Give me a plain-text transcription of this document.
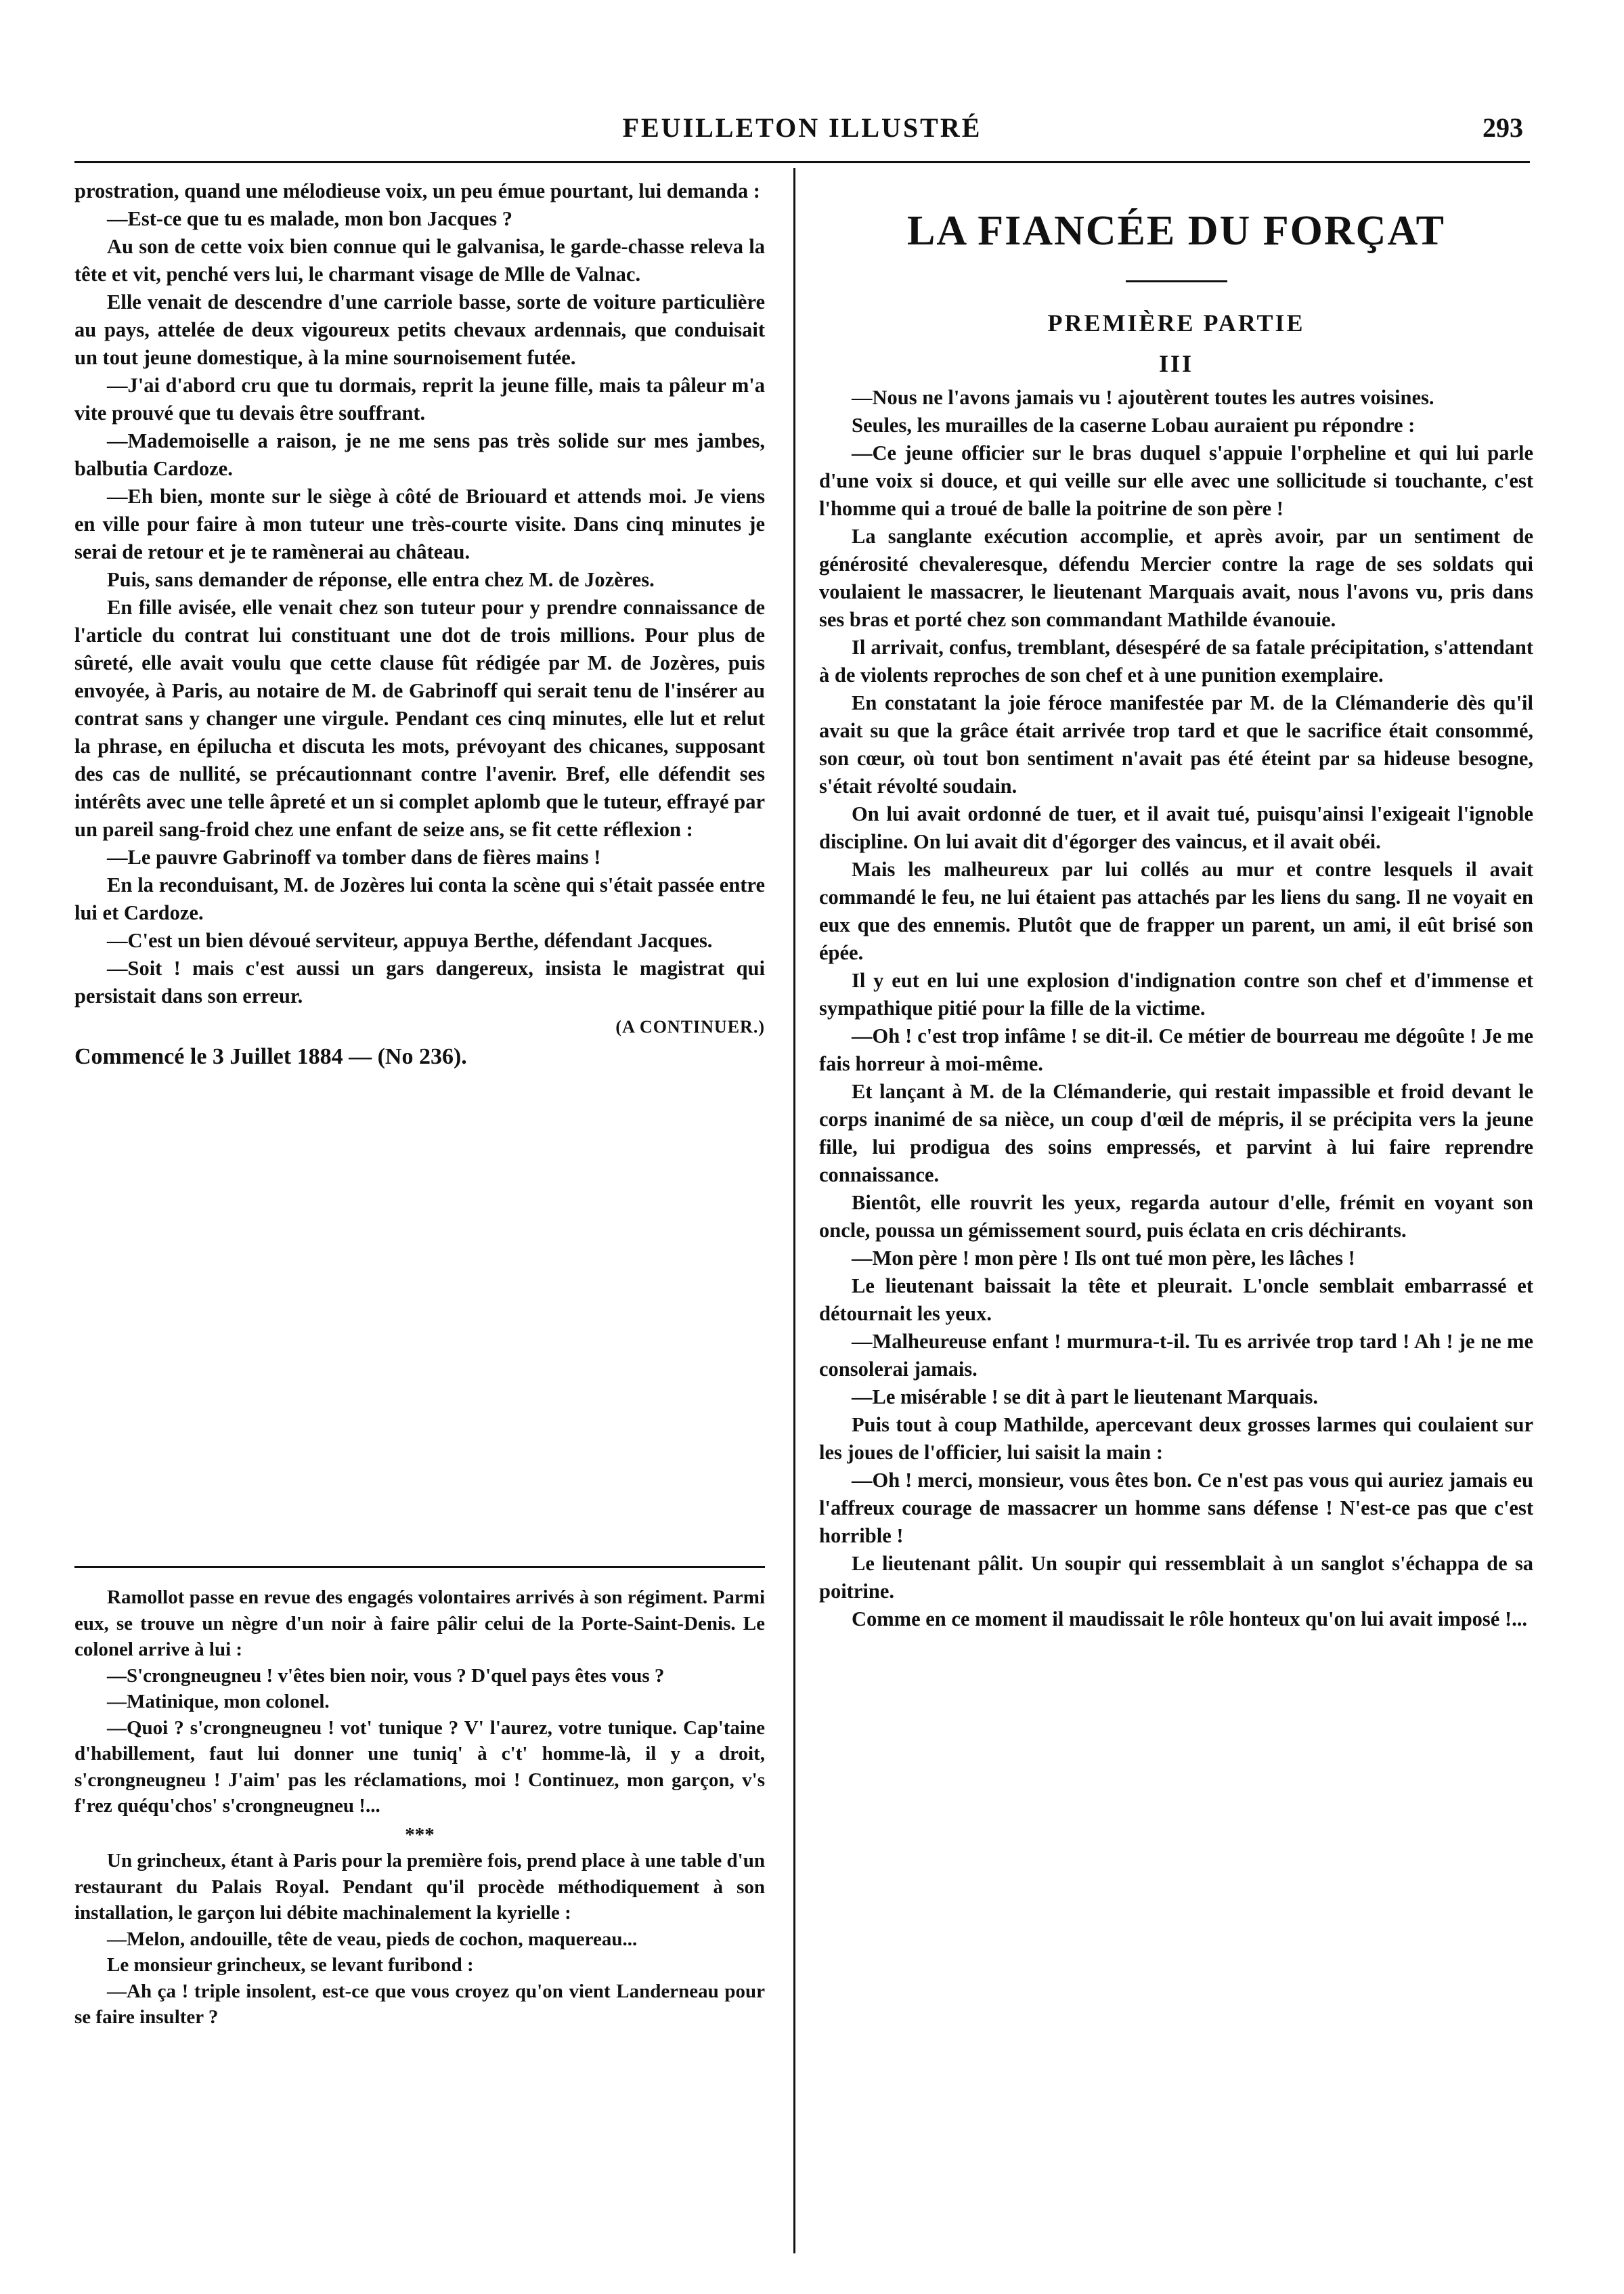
FEUILLETON ILLUSTRÉ	293

prostration, quand une mélodieuse voix, un peu émue pourtant, lui demanda :

—Est-ce que tu es malade, mon bon Jacques ?

Au son de cette voix bien connue qui le galvanisa, le garde-chasse releva la tête et vit, penché vers lui, le charmant visage de Mlle de Valnac.

Elle venait de descendre d'une carriole basse, sorte de voiture particulière au pays, attelée de deux vigoureux petits chevaux ardennais, que conduisait un tout jeune domestique, à la mine sournoisement futée.

—J'ai d'abord cru que tu dormais, reprit la jeune fille, mais ta pâleur m'a vite prouvé que tu devais être souffrant.

—Mademoiselle a raison, je ne me sens pas très solide sur mes jambes, balbutia Cardoze.

—Eh bien, monte sur le siège à côté de Briouard et attends moi. Je viens en ville pour faire à mon tuteur une très-courte visite. Dans cinq minutes je serai de retour et je te ramènerai au château.

Puis, sans demander de réponse, elle entra chez M. de Jozères.

En fille avisée, elle venait chez son tuteur pour y prendre connaissance de l'article du contrat lui constituant une dot de trois millions. Pour plus de sûreté, elle avait voulu que cette clause fût rédigée par M. de Jozères, puis envoyée, à Paris, au notaire de M. de Gabrinoff qui serait tenu de l'insérer au contrat sans y changer une virgule. Pendant ces cinq minutes, elle lut et relut la phrase, en épilucha et discuta les mots, prévoyant des chicanes, supposant des cas de nullité, se précautionnant contre l'avenir. Bref, elle défendit ses intérêts avec une telle âpreté et un si complet aplomb que le tuteur, effrayé par un pareil sang-froid chez une enfant de seize ans, se fit cette réflexion :

—Le pauvre Gabrinoff va tomber dans de fières mains !

En la reconduisant, M. de Jozères lui conta la scène qui s'était passée entre lui et Cardoze.

—C'est un bien dévoué serviteur, appuya Berthe, défendant Jacques.

—Soit ! mais c'est aussi un gars dangereux, insista le magistrat qui persistait dans son erreur.

(A CONTINUER.)

Commencé le 3 Juillet 1884 — (No 236).

Ramollot passe en revue des engagés volontaires arrivés à son régiment. Parmi eux, se trouve un nègre d'un noir à faire pâlir celui de la Porte-Saint-Denis. Le colonel arrive à lui :

—S'crongneugneu ! v'êtes bien noir, vous ? D'quel pays êtes vous ?

—Matinique, mon colonel.

—Quoi ? s'crongneugneu ! vot' tunique ? V' l'aurez, votre tunique. Cap'taine d'habillement, faut lui donner une tuniq' à c't' homme-là, il y a droit, s'crongneugneu ! J'aim' pas les réclamations, moi ! Continuez, mon garçon, v's f'rez quéqu'chos' s'crongneugneu !...

***

Un grincheux, étant à Paris pour la première fois, prend place à une table d'un restaurant du Palais Royal. Pendant qu'il procède méthodiquement à son installation, le garçon lui débite machinalement la kyrielle :

—Melon, andouille, tête de veau, pieds de cochon, maquereau...

Le monsieur grincheux, se levant furibond :

—Ah ça ! triple insolent, est-ce que vous croyez qu'on vient Landerneau pour se faire insulter ?

LA FIANCÉE DU FORÇAT
PREMIÈRE PARTIE
III

—Nous ne l'avons jamais vu ! ajoutèrent toutes les autres voisines.

Seules, les murailles de la caserne Lobau auraient pu répondre :

—Ce jeune officier sur le bras duquel s'appuie l'orpheline et qui lui parle d'une voix si douce, et qui veille sur elle avec une sollicitude si touchante, c'est l'homme qui a troué de balle la poitrine de son père !

La sanglante exécution accomplie, et après avoir, par un sentiment de générosité chevaleresque, défendu Mercier contre la rage de ses soldats qui voulaient le massacrer, le lieutenant Marquais avait, nous l'avons vu, pris dans ses bras et porté chez son commandant Mathilde évanouie.

Il arrivait, confus, tremblant, désespéré de sa fatale précipitation, s'attendant à de violents reproches de son chef et à une punition exemplaire.

En constatant la joie féroce manifestée par M. de la Clémanderie dès qu'il avait su que la grâce était arrivée trop tard et que le sacrifice était consommé, son cœur, où tout bon sentiment n'avait pas été éteint par sa hideuse besogne, s'était révolté soudain.

On lui avait ordonné de tuer, et il avait tué, puisqu'ainsi l'exigeait l'ignoble discipline. On lui avait dit d'égorger des vaincus, et il avait obéi.

Mais les malheureux par lui collés au mur et contre lesquels il avait commandé le feu, ne lui étaient pas attachés par les liens du sang. Il ne voyait en eux que des ennemis. Plutôt que de frapper un parent, un ami, il eût brisé son épée.

Il y eut en lui une explosion d'indignation contre son chef et d'immense et sympathique pitié pour la fille de la victime.

—Oh ! c'est trop infâme ! se dit-il. Ce métier de bourreau me dégoûte ! Je me fais horreur à moi-même.

Et lançant à M. de la Clémanderie, qui restait impassible et froid devant le corps inanimé de sa nièce, un coup d'œil de mépris, il se précipita vers la jeune fille, lui prodigua des soins empressés, et parvint à lui faire reprendre connaissance.

Bientôt, elle rouvrit les yeux, regarda autour d'elle, frémit en voyant son oncle, poussa un gémissement sourd, puis éclata en cris déchirants.

—Mon père ! mon père ! Ils ont tué mon père, les lâches !

Le lieutenant baissait la tête et pleurait. L'oncle semblait embarrassé et détournait les yeux.

—Malheureuse enfant ! murmura-t-il. Tu es arrivée trop tard ! Ah ! je ne me consolerai jamais.

—Le misérable ! se dit à part le lieutenant Marquais.

Puis tout à coup Mathilde, apercevant deux grosses larmes qui coulaient sur les joues de l'officier, lui saisit la main :

—Oh ! merci, monsieur, vous êtes bon. Ce n'est pas vous qui auriez jamais eu l'affreux courage de massacrer un homme sans défense ! N'est-ce pas que c'est horrible !

Le lieutenant pâlit. Un soupir qui ressemblait à un sanglot s'échappa de sa poitrine.

Comme en ce moment il maudissait le rôle honteux qu'on lui avait imposé !...
